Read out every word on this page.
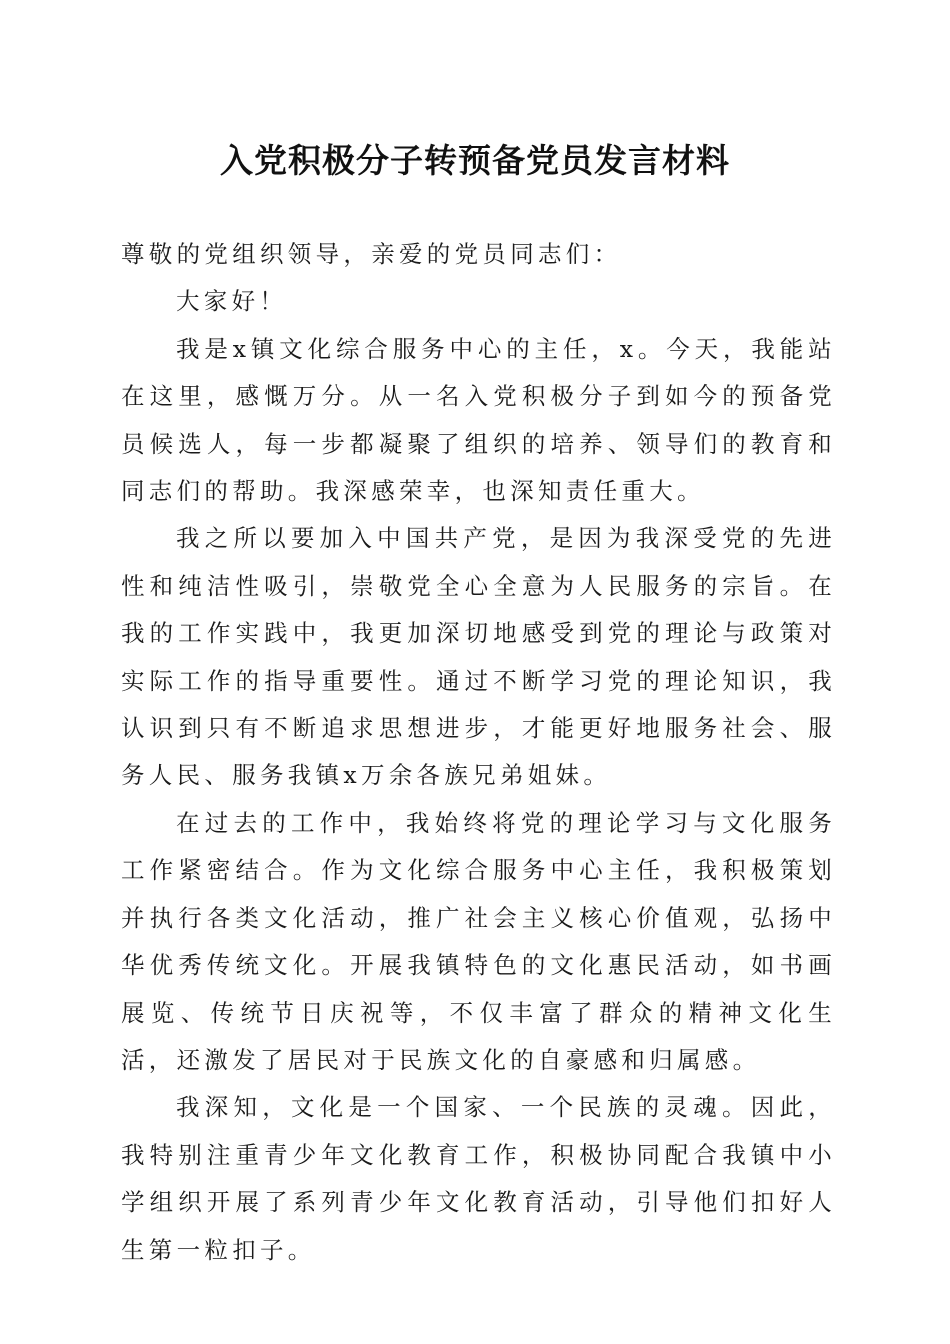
入党积极分子转预备党员发言材料

尊敬的党组织领导，亲爱的党员同志们：

大家好！

我是x镇文化综合服务中心的主任，x。今天，我能站在这里，感慨万分。从一名入党积极分子到如今的预备党员候选人，每一步都凝聚了组织的培养、领导们的教育和同志们的帮助。我深感荣幸，也深知责任重大。

我之所以要加入中国共产党，是因为我深受党的先进性和纯洁性吸引，崇敬党全心全意为人民服务的宗旨。在我的工作实践中，我更加深切地感受到党的理论与政策对实际工作的指导重要性。通过不断学习党的理论知识，我认识到只有不断追求思想进步，才能更好地服务社会、服务人民、服务我镇x万余各族兄弟姐妹。

在过去的工作中，我始终将党的理论学习与文化服务工作紧密结合。作为文化综合服务中心主任，我积极策划并执行各类文化活动，推广社会主义核心价值观，弘扬中华优秀传统文化。开展我镇特色的文化惠民活动，如书画展览、传统节日庆祝等，不仅丰富了群众的精神文化生活，还激发了居民对于民族文化的自豪感和归属感。

我深知，文化是一个国家、一个民族的灵魂。因此，我特别注重青少年文化教育工作，积极协同配合我镇中小学组织开展了系列青少年文化教育活动，引导他们扣好人生第一粒扣子。
